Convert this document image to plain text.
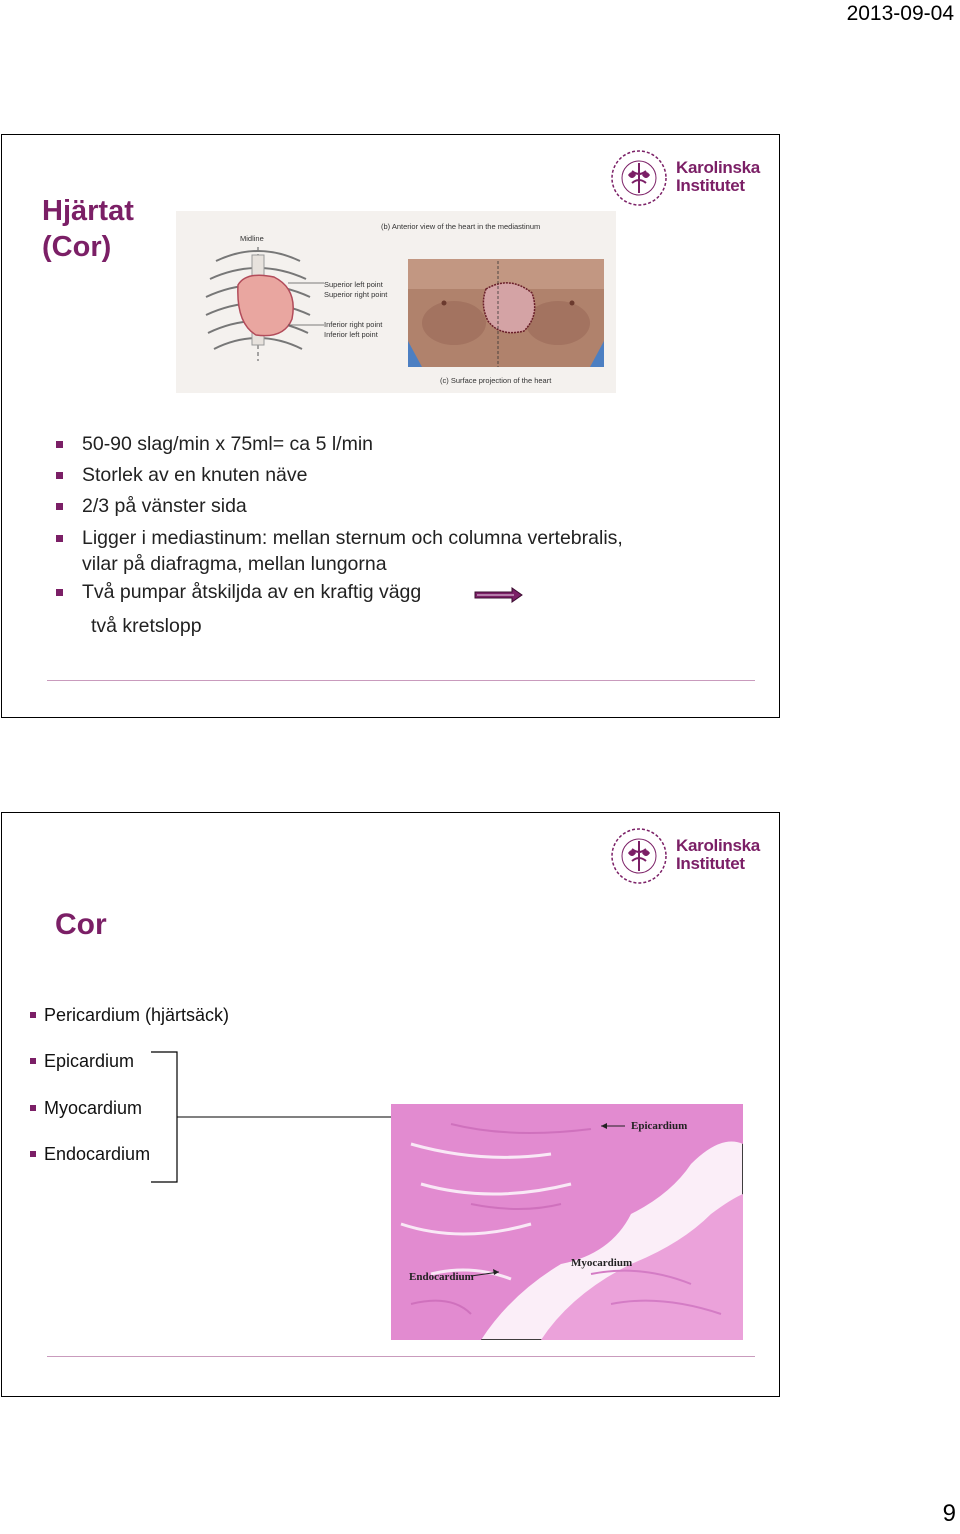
2013-09-04
Hjärtat
(Cor)
Karolinska
Institutet
Midline
(b) Anterior view of the heart in the mediastinum
Superior left point
Superior right point
Inferior right point
Inferior left point
(c) Surface projection of the heart
50-90 slag/min x 75ml= ca 5 l/min
Storlek av en knuten näve
2/3 på vänster sida
Ligger i mediastinum: mellan sternum och columna vertebralis,
vilar på diafragma, mellan lungorna
Två pumpar åtskiljda av en kraftig vägg
två kretslopp
Karolinska
Institutet
Cor
Pericardium (hjärtsäck)
Epicardium
Myocardium
Endocardium
Epicardium
Myocardium
Endocardium
9
